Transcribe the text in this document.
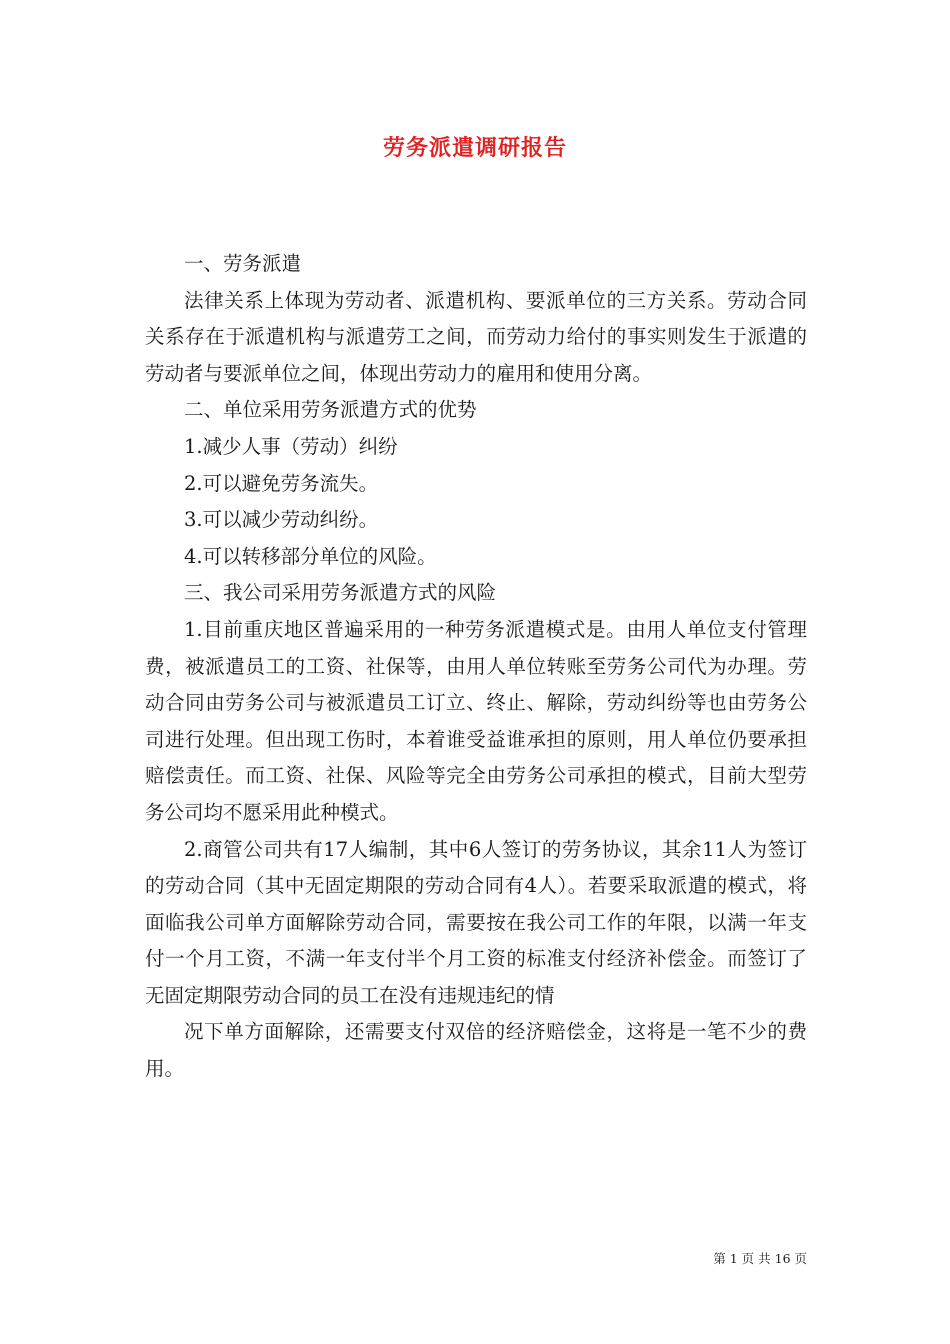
劳务派遣调研报告

一、劳务派遣

法律关系上体现为劳动者、派遣机构、要派单位的三方关系。劳动合同关系存在于派遣机构与派遣劳工之间，而劳动力给付的事实则发生于派遣的劳动者与要派单位之间，体现出劳动力的雇用和使用分离。

二、单位采用劳务派遣方式的优势

1.减少人事（劳动）纠纷

2.可以避免劳务流失。

3.可以减少劳动纠纷。

4.可以转移部分单位的风险。

三、我公司采用劳务派遣方式的风险

1.目前重庆地区普遍采用的一种劳务派遣模式是。由用人单位支付管理费，被派遣员工的工资、社保等，由用人单位转账至劳务公司代为办理。劳动合同由劳务公司与被派遣员工订立、终止、解除，劳动纠纷等也由劳务公司进行处理。但出现工伤时，本着谁受益谁承担的原则，用人单位仍要承担赔偿责任。而工资、社保、风险等完全由劳务公司承担的模式，目前大型劳务公司均不愿采用此种模式。

2.商管公司共有17人编制，其中6人签订的劳务协议，其余11人为签订的劳动合同（其中无固定期限的劳动合同有4人）。若要采取派遣的模式，将面临我公司单方面解除劳动合同，需要按在我公司工作的年限，以满一年支付一个月工资，不满一年支付半个月工资的标准支付经济补偿金。而签订了无固定期限劳动合同的员工在没有违规违纪的情

况下单方面解除，还需要支付双倍的经济赔偿金，这将是一笔不少的费用。

第 1 页 共 16 页
